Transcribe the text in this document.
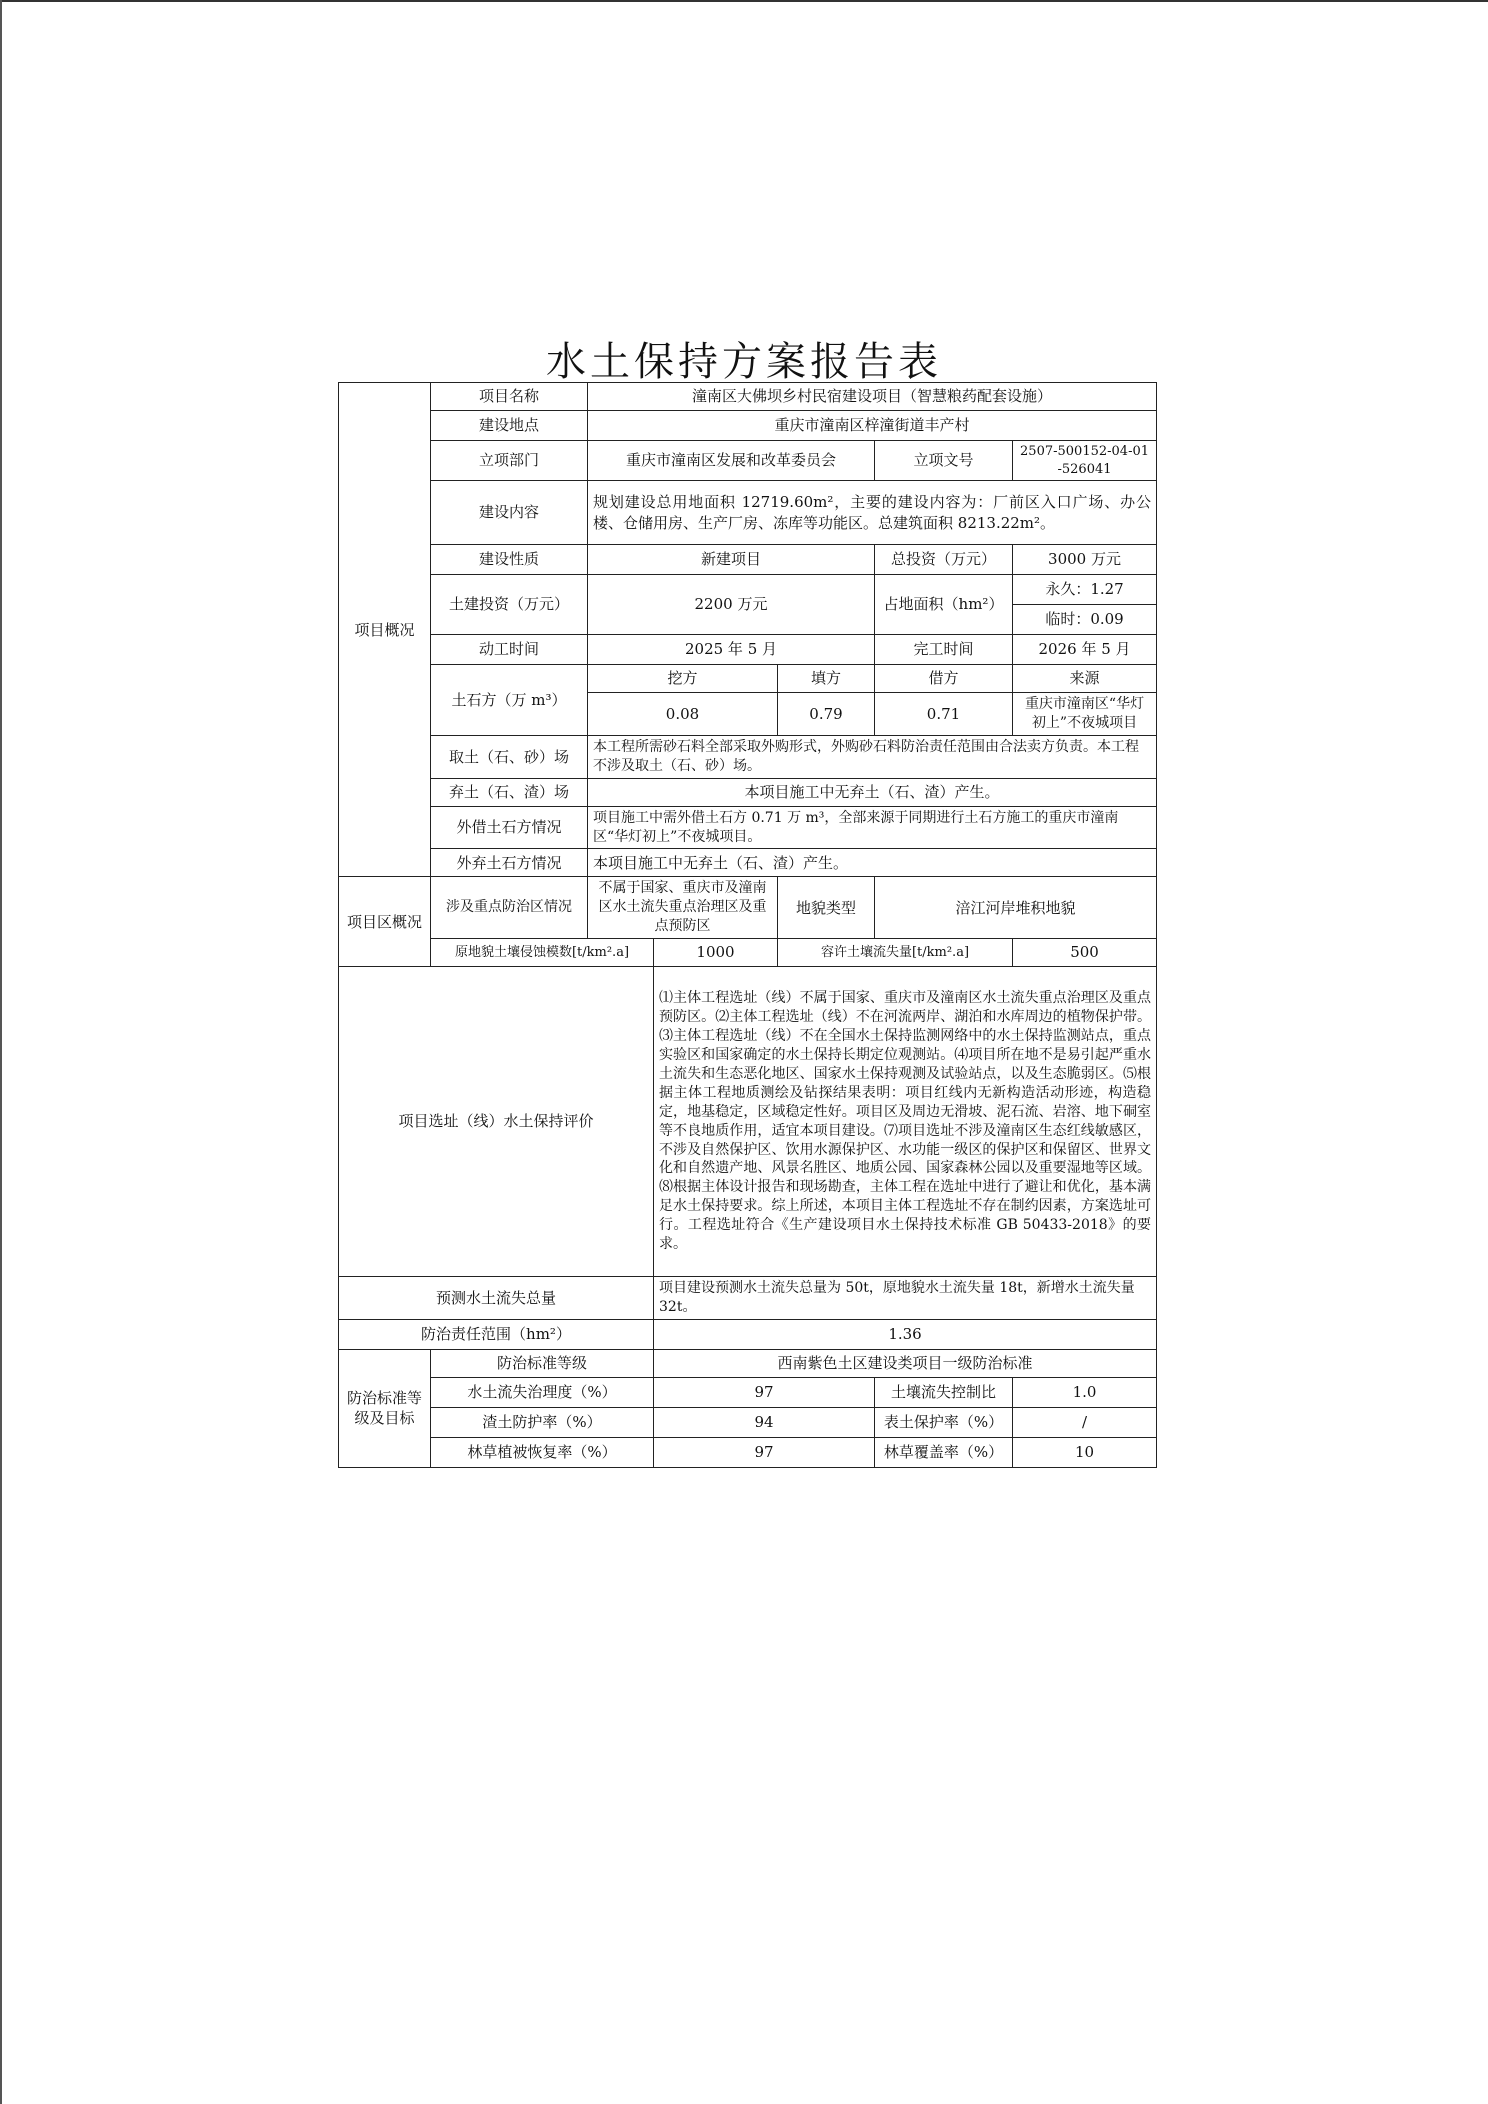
水土保持方案报告表
项目概况	项目名称	潼南区大佛坝乡村民宿建设项目（智慧粮药配套设施）				
	建设地点	重庆市潼南区梓潼街道丰产村				
	立项部门	重庆市潼南区发展和改革委员会			立项文号	2507-500152-04-01-526041
	建设内容	规划建设总用地面积 12719.60m²，主要的建设内容为：厂前区入口广场、办公楼、仓储用房、生产厂房、冻库等功能区。总建筑面积 8213.22m²。				
	建设性质	新建项目			总投资（万元）	3000 万元
	土建投资（万元）	2200 万元			占地面积（hm²）	永久：1.27
						临时：0.09
	动工时间	2025 年 5 月			完工时间	2026 年 5 月
	土石方（万 m³）	挖方		填方	借方	来源
		0.08		0.79	0.71	重庆市潼南区“华灯初上”不夜城项目
	取土（石、砂）场	本工程所需砂石料全部采取外购形式，外购砂石料防治责任范围由合法卖方负责。本工程不涉及取土（石、砂）场。				
	弃土（石、渣）场	本项目施工中无弃土（石、渣）产生。				
	外借土石方情况	项目施工中需外借土石方 0.71 万 m³，全部来源于同期进行土石方施工的重庆市潼南区“华灯初上”不夜城项目。				
	外弃土石方情况	本项目施工中无弃土（石、渣）产生。				
项目区概况	涉及重点防治区情况	不属于国家、重庆市及潼南区水土流失重点治理区及重点预防区		地貌类型	涪江河岸堆积地貌	
	原地貌土壤侵蚀模数[t/km².a]		1000	容许土壤流失量[t/km².a]		500
项目选址（线）水土保持评价			⑴主体工程选址（线）不属于国家、重庆市及潼南区水土流失重点治理区及重点预防区。⑵主体工程选址（线）不在河流两岸、湖泊和水库周边的植物保护带。⑶主体工程选址（线）不在全国水土保持监测网络中的水土保持监测站点，重点实验区和国家确定的水土保持长期定位观测站。⑷项目所在地不是易引起严重水土流失和生态恶化地区、国家水土保持观测及试验站点，以及生态脆弱区。⑸根据主体工程地质测绘及钻探结果表明：项目红线内无新构造活动形迹，构造稳定，地基稳定，区域稳定性好。项目区及周边无滑坡、泥石流、岩溶、地下硐室等不良地质作用，适宜本项目建设。⑺项目选址不涉及潼南区生态红线敏感区，不涉及自然保护区、饮用水源保护区、水功能一级区的保护区和保留区、世界文化和自然遗产地、风景名胜区、地质公园、国家森林公园以及重要湿地等区域。⑻根据主体设计报告和现场勘查，主体工程在选址中进行了避让和优化，基本满足水土保持要求。综上所述，本项目主体工程选址不存在制约因素，方案选址可行。工程选址符合《生产建设项目水土保持技术标准 GB 50433-2018》的要求。			
预测水土流失总量			项目建设预测水土流失总量为 50t，原地貌水土流失量 18t，新增水土流失量 32t。			
防治责任范围（hm²）			1.36			
防治标准等级及目标	防治标准等级		西南紫色土区建设类项目一级防治标准			
	水土流失治理度（%）		97		土壤流失控制比	1.0
	渣土防护率（%）		94		表土保护率（%）	/
	林草植被恢复率（%）		97		林草覆盖率（%）	10
